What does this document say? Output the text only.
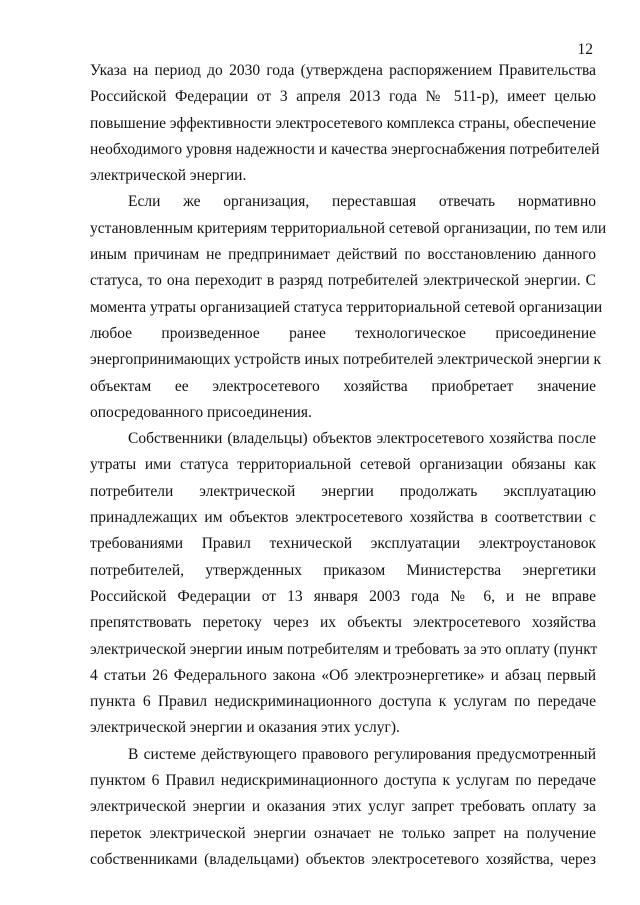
12

Указа на период до 2030 года (утверждена распоряжением Правительства
Российской Федерации от 3 апреля 2013 года № 511-р), имеет целью
повышение эффективности электросетевого комплекса страны, обеспечение
необходимого уровня надежности и качества энергоснабжения потребителей
электрической энергии.

Если же организация, переставшая отвечать нормативно
установленным критериям территориальной сетевой организации, по тем или
иным причинам не предпринимает действий по восстановлению данного
статуса, то она переходит в разряд потребителей электрической энергии. С
момента утраты организацией статуса территориальной сетевой организации
любое произведенное ранее технологическое присоединение
энергопринимающих устройств иных потребителей электрической энергии к
объектам ее электросетевого хозяйства приобретает значение
опосредованного присоединения.

Собственники (владельцы) объектов электросетевого хозяйства после
утраты ими статуса территориальной сетевой организации обязаны как
потребители электрической энергии продолжать эксплуатацию
принадлежащих им объектов электросетевого хозяйства в соответствии с
требованиями Правил технической эксплуатации электроустановок
потребителей, утвержденных приказом Министерства энергетики
Российской Федерации от 13 января 2003 года № 6, и не вправе
препятствовать перетоку через их объекты электросетевого хозяйства
электрической энергии иным потребителям и требовать за это оплату (пункт
4 статьи 26 Федерального закона «Об электроэнергетике» и абзац первый
пункта 6 Правил недискриминационного доступа к услугам по передаче
электрической энергии и оказания этих услуг).

В системе действующего правового регулирования предусмотренный
пунктом 6 Правил недискриминационного доступа к услугам по передаче
электрической энергии и оказания этих услуг запрет требовать оплату за
переток электрической энергии означает не только запрет на получение
собственниками (владельцами) объектов электросетевого хозяйства, через
